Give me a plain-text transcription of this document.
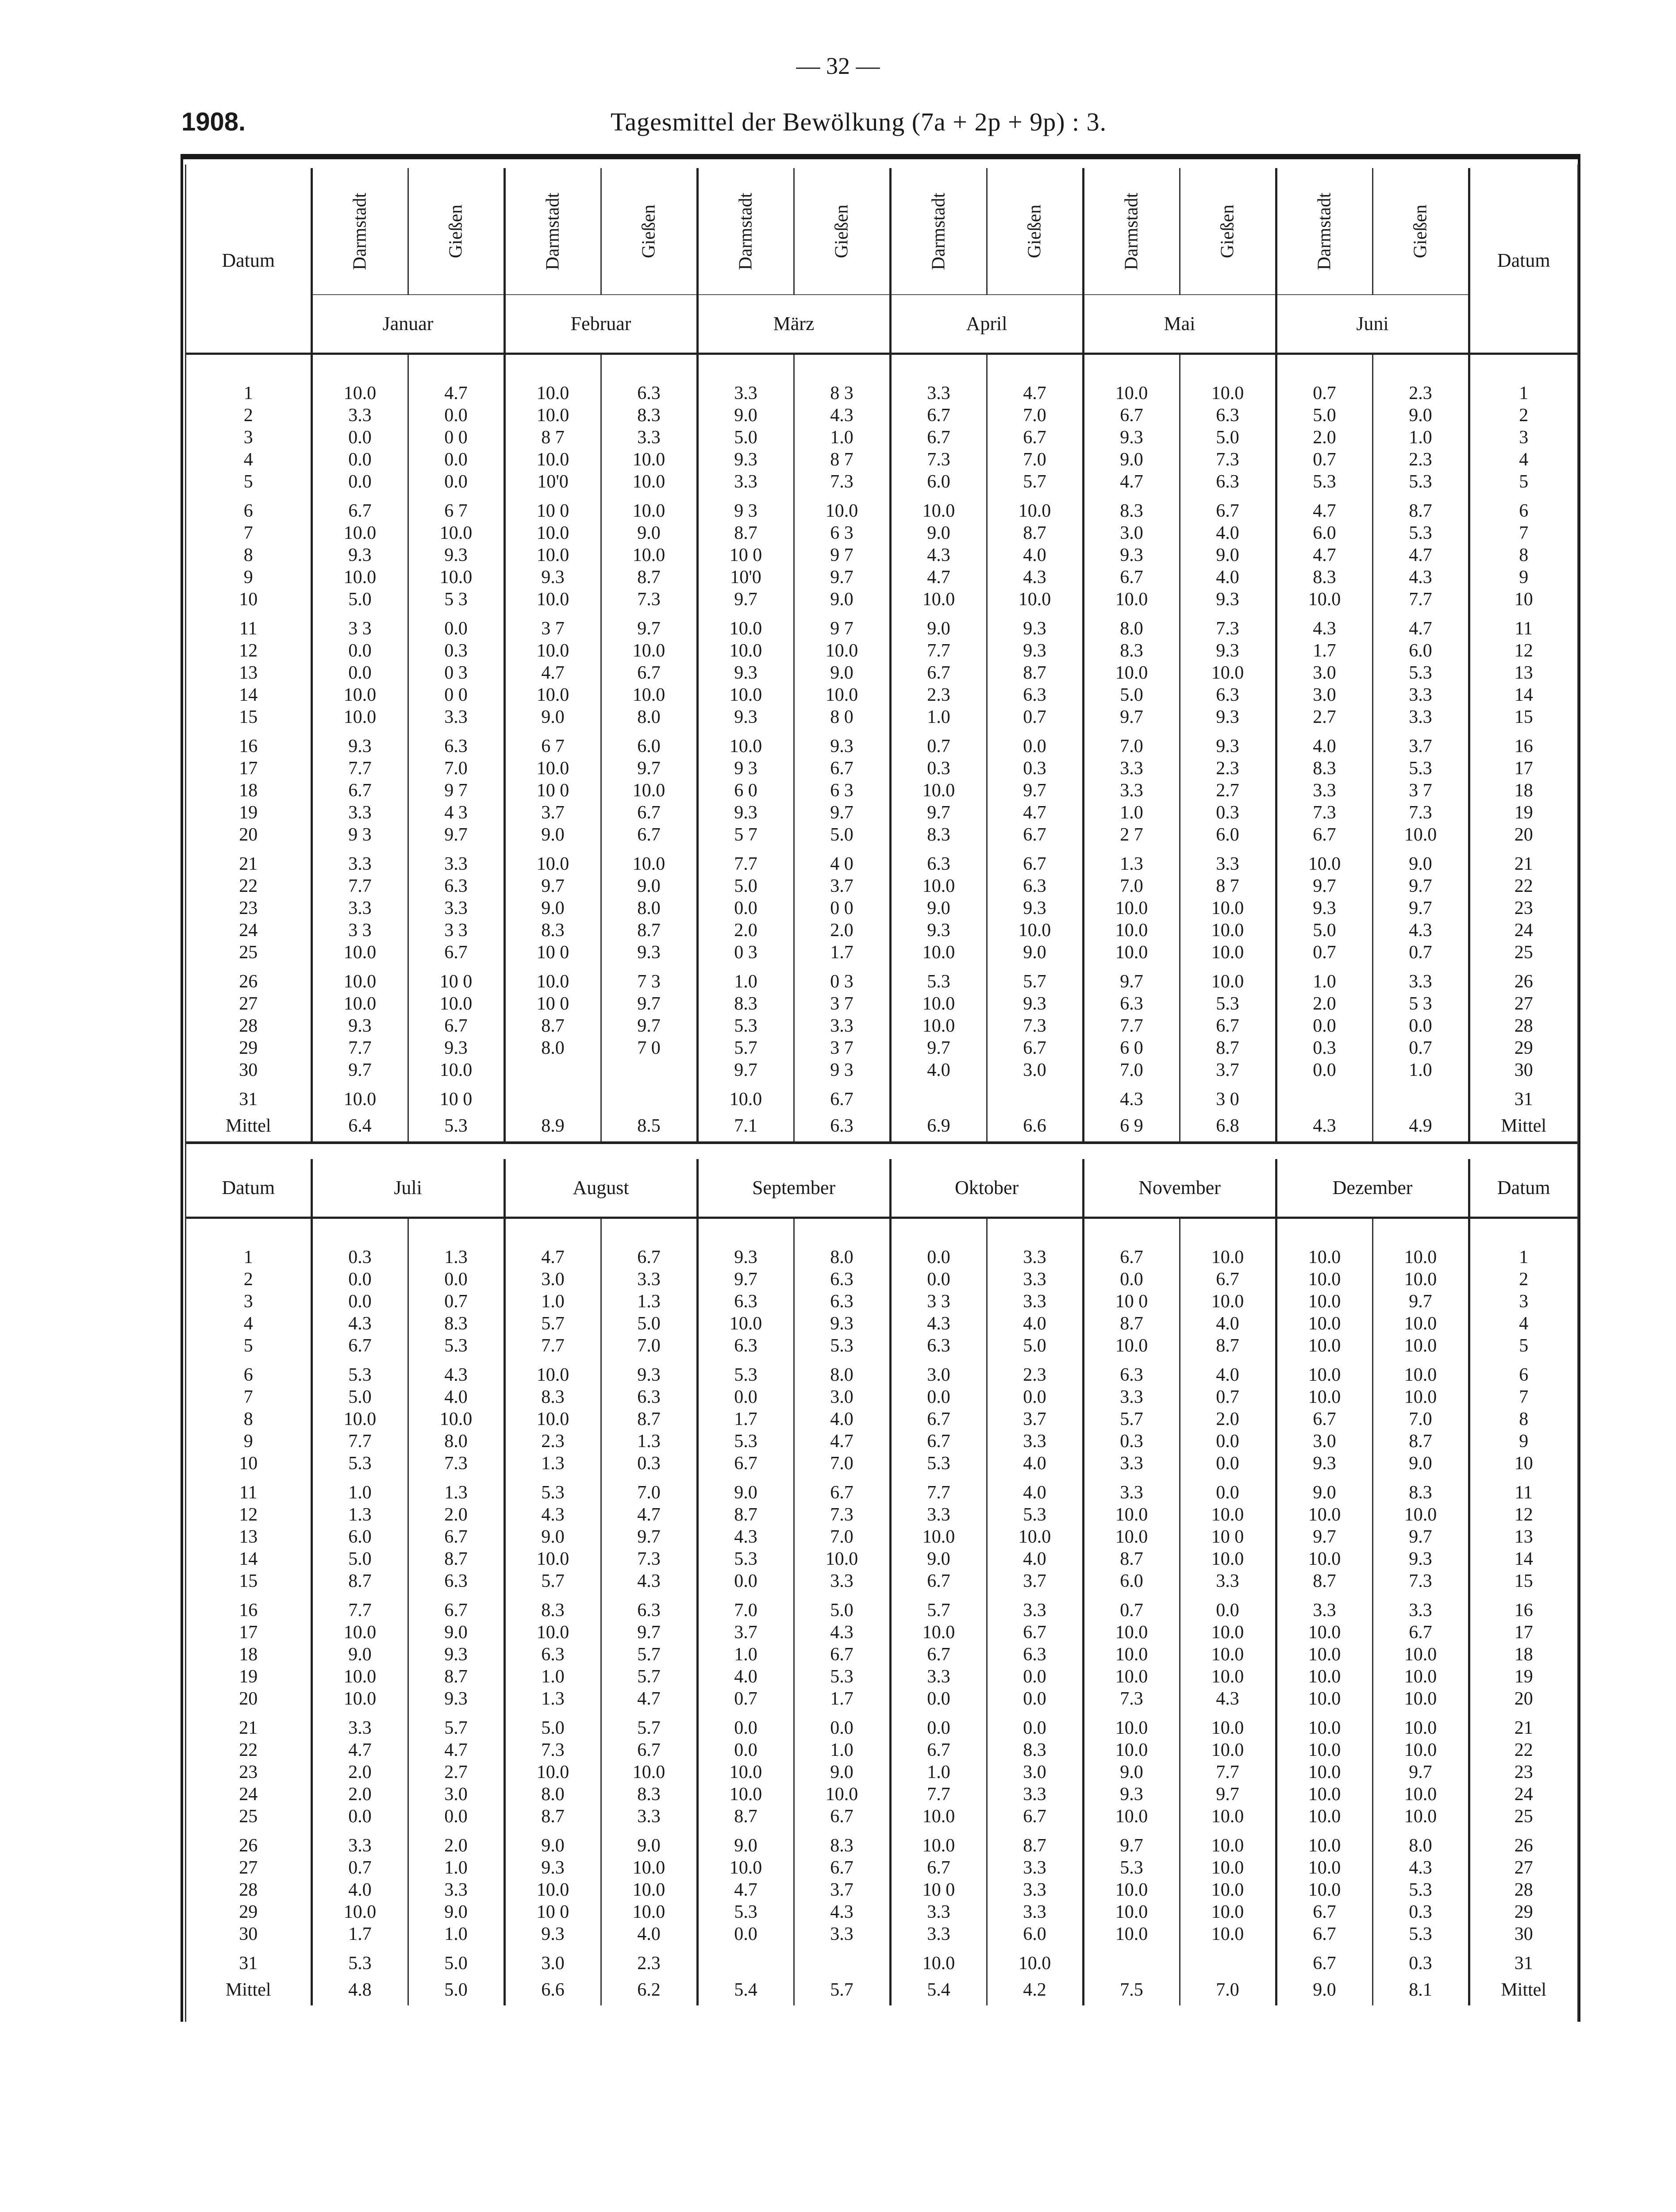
— 32 —
1908.	Tagesmittel der Bewölkung (7a + 2p + 9p) : 3.
Datum	Darmstadt	Gießen	Darmstadt	Gießen	Darmstadt	Gießen	Darmstadt	Gießen	Darmstadt	Gießen	Darmstadt	Gießen	Datum
	Januar		Februar		März		April		Mai		Juni		

1	10.0	4.7	10.0	6.3	3.3	8 3	3.3	4.7	10.0	10.0	0.7	2.3	1
2	3.3	0.0	10.0	8.3	9.0	4.3	6.7	7.0	6.7	6.3	5.0	9.0	2
3	0.0	0 0	8 7	3.3	5.0	1.0	6.7	6.7	9.3	5.0	2.0	1.0	3
4	0.0	0.0	10.0	10.0	9.3	8 7	7.3	7.0	9.0	7.3	0.7	2.3	4
5	0.0	0.0	10'0	10.0	3.3	7.3	6.0	5.7	4.7	6.3	5.3	5.3	5

6	6.7	6 7	10 0	10.0	9 3	10.0	10.0	10.0	8.3	6.7	4.7	8.7	6
7	10.0	10.0	10.0	9.0	8.7	6 3	9.0	8.7	3.0	4.0	6.0	5.3	7
8	9.3	9.3	10.0	10.0	10 0	9 7	4.3	4.0	9.3	9.0	4.7	4.7	8
9	10.0	10.0	9.3	8.7	10'0	9.7	4.7	4.3	6.7	4.0	8.3	4.3	9
10	5.0	5 3	10.0	7.3	9.7	9.0	10.0	10.0	10.0	9.3	10.0	7.7	10

11	3 3	0.0	3 7	9.7	10.0	9 7	9.0	9.3	8.0	7.3	4.3	4.7	11
12	0.0	0.3	10.0	10.0	10.0	10.0	7.7	9.3	8.3	9.3	1.7	6.0	12
13	0.0	0 3	4.7	6.7	9.3	9.0	6.7	8.7	10.0	10.0	3.0	5.3	13
14	10.0	0 0	10.0	10.0	10.0	10.0	2.3	6.3	5.0	6.3	3.0	3.3	14
15	10.0	3.3	9.0	8.0	9.3	8 0	1.0	0.7	9.7	9.3	2.7	3.3	15

16	9.3	6.3	6 7	6.0	10.0	9.3	0.7	0.0	7.0	9.3	4.0	3.7	16
17	7.7	7.0	10.0	9.7	9 3	6.7	0.3	0.3	3.3	2.3	8.3	5.3	17
18	6.7	9 7	10 0	10.0	6 0	6 3	10.0	9.7	3.3	2.7	3.3	3 7	18
19	3.3	4 3	3.7	6.7	9.3	9.7	9.7	4.7	1.0	0.3	7.3	7.3	19
20	9 3	9.7	9.0	6.7	5 7	5.0	8.3	6.7	2 7	6.0	6.7	10.0	20

21	3.3	3.3	10.0	10.0	7.7	4 0	6.3	6.7	1.3	3.3	10.0	9.0	21
22	7.7	6.3	9.7	9.0	5.0	3.7	10.0	6.3	7.0	8 7	9.7	9.7	22
23	3.3	3.3	9.0	8.0	0.0	0 0	9.0	9.3	10.0	10.0	9.3	9.7	23
24	3 3	3 3	8.3	8.7	2.0	2.0	9.3	10.0	10.0	10.0	5.0	4.3	24
25	10.0	6.7	10 0	9.3	0 3	1.7	10.0	9.0	10.0	10.0	0.7	0.7	25

26	10.0	10 0	10.0	7 3	1.0	0 3	5.3	5.7	9.7	10.0	1.0	3.3	26
27	10.0	10.0	10 0	9.7	8.3	3 7	10.0	9.3	6.3	5.3	2.0	5 3	27
28	9.3	6.7	8.7	9.7	5.3	3.3	10.0	7.3	7.7	6.7	0.0	0.0	28
29	7.7	9.3	8.0	7 0	5.7	3 7	9.7	6.7	6 0	8.7	0.3	0.7	29
30	9.7	10.0			9.7	9 3	4.0	3.0	7.0	3.7	0.0	1.0	30

31	10.0	10 0			10.0	6.7			4.3	3 0			31
Mittel	6.4	5.3	8.9	8.5	7.1	6.3	6.9	6.6	6 9	6.8	4.3	4.9	Mittel
Datum	Juli		August		September		Oktober		November		Dezember		Datum

1	0.3	1.3	4.7	6.7	9.3	8.0	0.0	3.3	6.7	10.0	10.0	10.0	1
2	0.0	0.0	3.0	3.3	9.7	6.3	0.0	3.3	0.0	6.7	10.0	10.0	2
3	0.0	0.7	1.0	1.3	6.3	6.3	3 3	3.3	10 0	10.0	10.0	9.7	3
4	4.3	8.3	5.7	5.0	10.0	9.3	4.3	4.0	8.7	4.0	10.0	10.0	4
5	6.7	5.3	7.7	7.0	6.3	5.3	6.3	5.0	10.0	8.7	10.0	10.0	5

6	5.3	4.3	10.0	9.3	5.3	8.0	3.0	2.3	6.3	4.0	10.0	10.0	6
7	5.0	4.0	8.3	6.3	0.0	3.0	0.0	0.0	3.3	0.7	10.0	10.0	7
8	10.0	10.0	10.0	8.7	1.7	4.0	6.7	3.7	5.7	2.0	6.7	7.0	8
9	7.7	8.0	2.3	1.3	5.3	4.7	6.7	3.3	0.3	0.0	3.0	8.7	9
10	5.3	7.3	1.3	0.3	6.7	7.0	5.3	4.0	3.3	0.0	9.3	9.0	10

11	1.0	1.3	5.3	7.0	9.0	6.7	7.7	4.0	3.3	0.0	9.0	8.3	11
12	1.3	2.0	4.3	4.7	8.7	7.3	3.3	5.3	10.0	10.0	10.0	10.0	12
13	6.0	6.7	9.0	9.7	4.3	7.0	10.0	10.0	10.0	10 0	9.7	9.7	13
14	5.0	8.7	10.0	7.3	5.3	10.0	9.0	4.0	8.7	10.0	10.0	9.3	14
15	8.7	6.3	5.7	4.3	0.0	3.3	6.7	3.7	6.0	3.3	8.7	7.3	15

16	7.7	6.7	8.3	6.3	7.0	5.0	5.7	3.3	0.7	0.0	3.3	3.3	16
17	10.0	9.0	10.0	9.7	3.7	4.3	10.0	6.7	10.0	10.0	10.0	6.7	17
18	9.0	9.3	6.3	5.7	1.0	6.7	6.7	6.3	10.0	10.0	10.0	10.0	18
19	10.0	8.7	1.0	5.7	4.0	5.3	3.3	0.0	10.0	10.0	10.0	10.0	19
20	10.0	9.3	1.3	4.7	0.7	1.7	0.0	0.0	7.3	4.3	10.0	10.0	20

21	3.3	5.7	5.0	5.7	0.0	0.0	0.0	0.0	10.0	10.0	10.0	10.0	21
22	4.7	4.7	7.3	6.7	0.0	1.0	6.7	8.3	10.0	10.0	10.0	10.0	22
23	2.0	2.7	10.0	10.0	10.0	9.0	1.0	3.0	9.0	7.7	10.0	9.7	23
24	2.0	3.0	8.0	8.3	10.0	10.0	7.7	3.3	9.3	9.7	10.0	10.0	24
25	0.0	0.0	8.7	3.3	8.7	6.7	10.0	6.7	10.0	10.0	10.0	10.0	25

26	3.3	2.0	9.0	9.0	9.0	8.3	10.0	8.7	9.7	10.0	10.0	8.0	26
27	0.7	1.0	9.3	10.0	10.0	6.7	6.7	3.3	5.3	10.0	10.0	4.3	27
28	4.0	3.3	10.0	10.0	4.7	3.7	10 0	3.3	10.0	10.0	10.0	5.3	28
29	10.0	9.0	10 0	10.0	5.3	4.3	3.3	3.3	10.0	10.0	6.7	0.3	29
30	1.7	1.0	9.3	4.0	0.0	3.3	3.3	6.0	10.0	10.0	6.7	5.3	30

31	5.3	5.0	3.0	2.3			10.0	10.0			6.7	0.3	31
Mittel	4.8	5.0	6.6	6.2	5.4	5.7	5.4	4.2	7.5	7.0	9.0	8.1	Mittel
